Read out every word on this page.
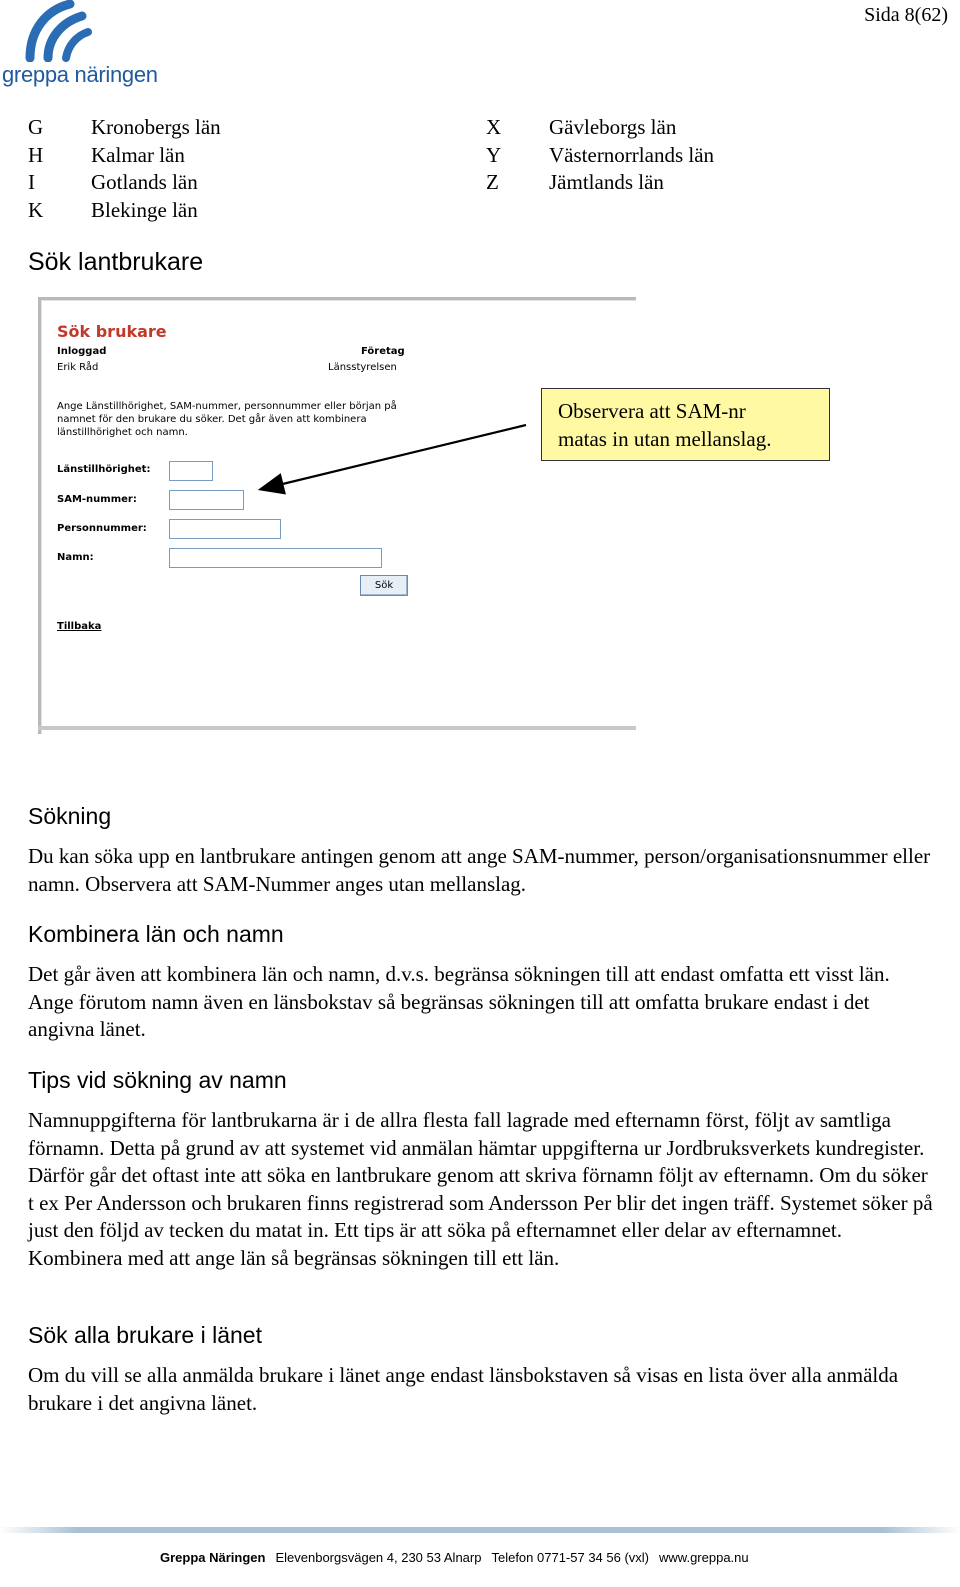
greppa näringen
Sida 8(62)
G Kronobergs län
H Kalmar län
I	Gotlands län
K Blekinge län
X Gävleborgs län
Y Västernorrlands län
Z Jämtlands län
Sök lantbrukare
Sök brukare
Inloggad
Erik Råd
Företag
Länsstyrelsen
Ange Länstillhörighet, SAM-nummer, personnummer eller början på namnet för den brukare du söker. Det går även att kombinera länstillhörighet och namn.
Länstillhörighet:
SAM-nummer:
Personnummer:
Namn:
Sök
Tillbaka
Observera att SAM-nr
matas in utan mellanslag.
Sökning
Du kan söka upp en lantbrukare antingen genom att ange SAM-nummer, person/organisationsnummer eller namn. Observera att SAM-Nummer anges utan mellanslag.
Kombinera län och namn
Det går även att kombinera län och namn, d.v.s. begränsa sökningen till att endast omfatta ett visst län. Ange förutom namn även en länsbokstav så begränsas sökningen till att omfatta brukare endast i det angivna länet.
Tips vid sökning av namn
Namnuppgifterna för lantbrukarna är i de allra flesta fall lagrade med efternamn först, följt av samtliga förnamn. Detta på grund av att systemet vid anmälan hämtar uppgifterna ur Jordbruksverkets kundregister. Därför går det oftast inte att söka en lantbrukare genom att skriva förnamn följt av efternamn. Om du söker t ex Per Andersson och brukaren finns registrerad som Andersson Per blir det ingen träff. Systemet söker på just den följd av tecken du matat in. Ett tips är att söka på efternamnet eller delar av efternamnet. Kombinera med att ange län så begränsas sökningen till ett län.
Sök alla brukare i länet
Om du vill se alla anmälda brukare i länet ange endast länsbokstaven så visas en lista över alla anmälda brukare i det angivna länet.
Greppa Näringen Elevenborgsvägen 4, 230 53 Alnarp Telefon 0771-57 34 56 (vxl) www.greppa.nu
